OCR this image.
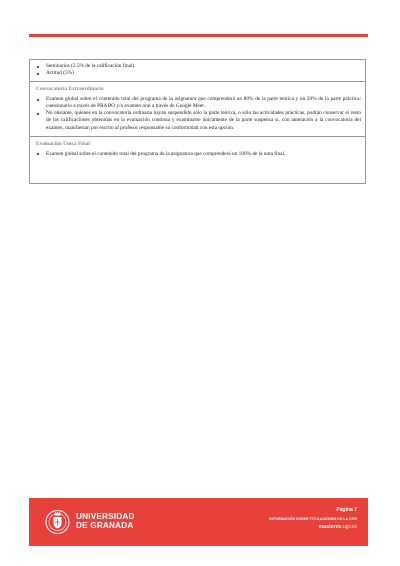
Seminarios (2.5% de la calificación final).
Actitud (5%)
Convocatoria Extraordinaria
Examen global sobre el contenido total del programa de la asignatura que comprenderá un 80% de la parte teórica y un 20% de la parte práctica: cuestionario a través de PRADO y/o examen oral a través de Google Meet.
No obstante, quienes en la convocatoria ordinaria hayan suspendido sólo la parte teórica, o sólo las actividades prácticas, podrán conservar el resto de las calificaciones obtenidas en la evaluación continua y examinarse únicamente de la parte suspensa si, con antelación a la convocatoria del examen, manifiestan por escrito al profesor responsable su conformidad con esta opción.
Evaluación Única Final
Examen global sobre el contenido total del programa de la asignatura que comprenderá un 100% de la nota final.
UNIVERSIDAD
DE GRANADA
Página 7
INFORMACIÓN SOBRE TITULACIONES DE LA UGR
masteres.ugr.es
